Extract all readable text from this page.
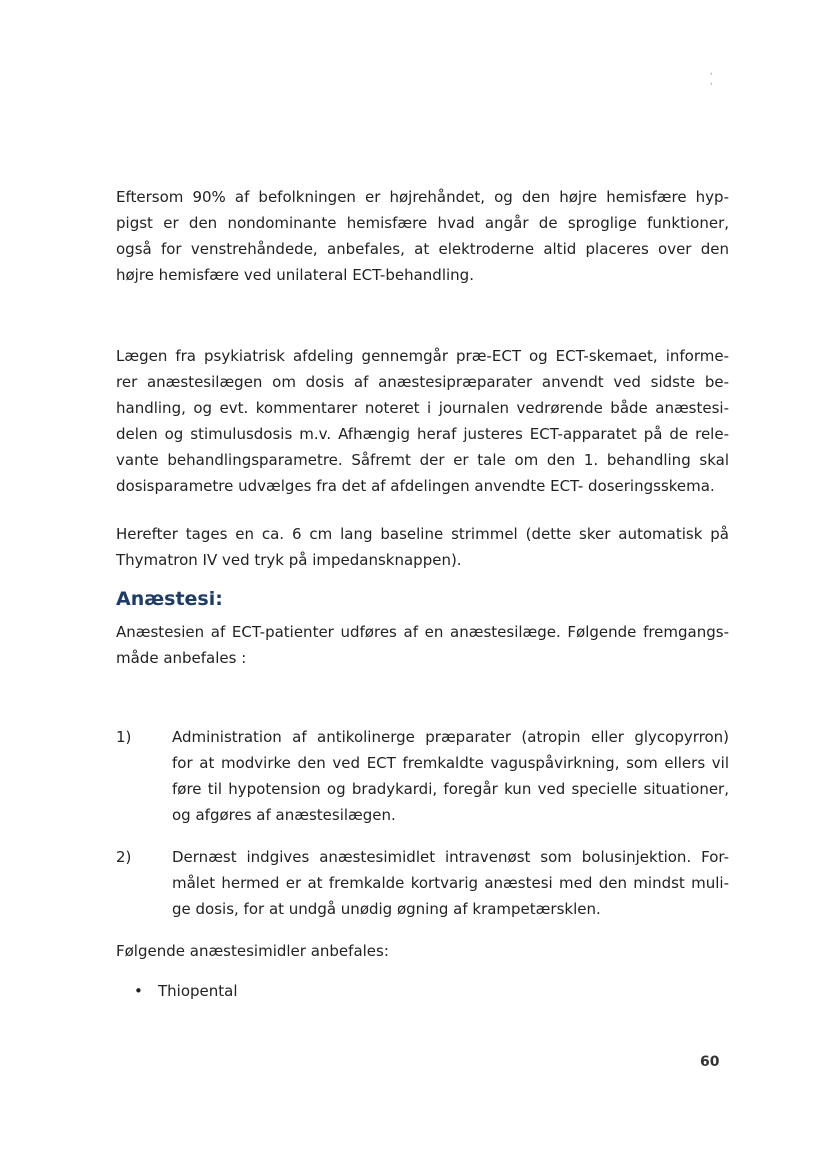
' '
Eftersom 90% af befolkningen er højrehåndet, og den højre hemisfære hyp-
pigst er den nondominante hemisfære hvad angår de sproglige funktioner,
også for venstrehåndede, anbefales, at elektroderne altid placeres over den
højre hemisfære ved unilateral ECT-behandling.
Lægen fra psykiatrisk afdeling gennemgår præ-ECT og ECT-skemaet, informe-
rer anæstesilægen om dosis af anæstesipræparater anvendt ved sidste be-
handling, og evt. kommentarer noteret i journalen vedrørende både anæstesi-
delen og stimulusdosis m.v. Afhængig heraf justeres ECT-apparatet på de rele-
vante behandlingsparametre. Såfremt der er tale om den 1. behandling skal
dosisparametre udvælges fra det af afdelingen anvendte ECT- doseringsskema.
Herefter tages en ca. 6 cm lang baseline strimmel (dette sker automatisk på
Thymatron IV ved tryk på impedansknappen).
Anæstesi:
Anæstesien af ECT-patienter udføres af en anæstesilæge. Følgende fremgangs-
måde anbefales :
1)	Administration af antikolinerge præparater (atropin eller glycopyrron)
for at modvirke den ved ECT fremkaldte vaguspåvirkning, som ellers vil
føre til hypotension og bradykardi, foregår kun ved specielle situationer,
og afgøres af anæstesilægen.
2)	Dernæst indgives anæstesimidlet intravenøst som bolusinjektion. For-
målet hermed er at fremkalde kortvarig anæstesi med den mindst muli-
ge dosis, for at undgå unødig øgning af krampetærsklen.
Følgende anæstesimidler anbefales:
• Thiopental
60
